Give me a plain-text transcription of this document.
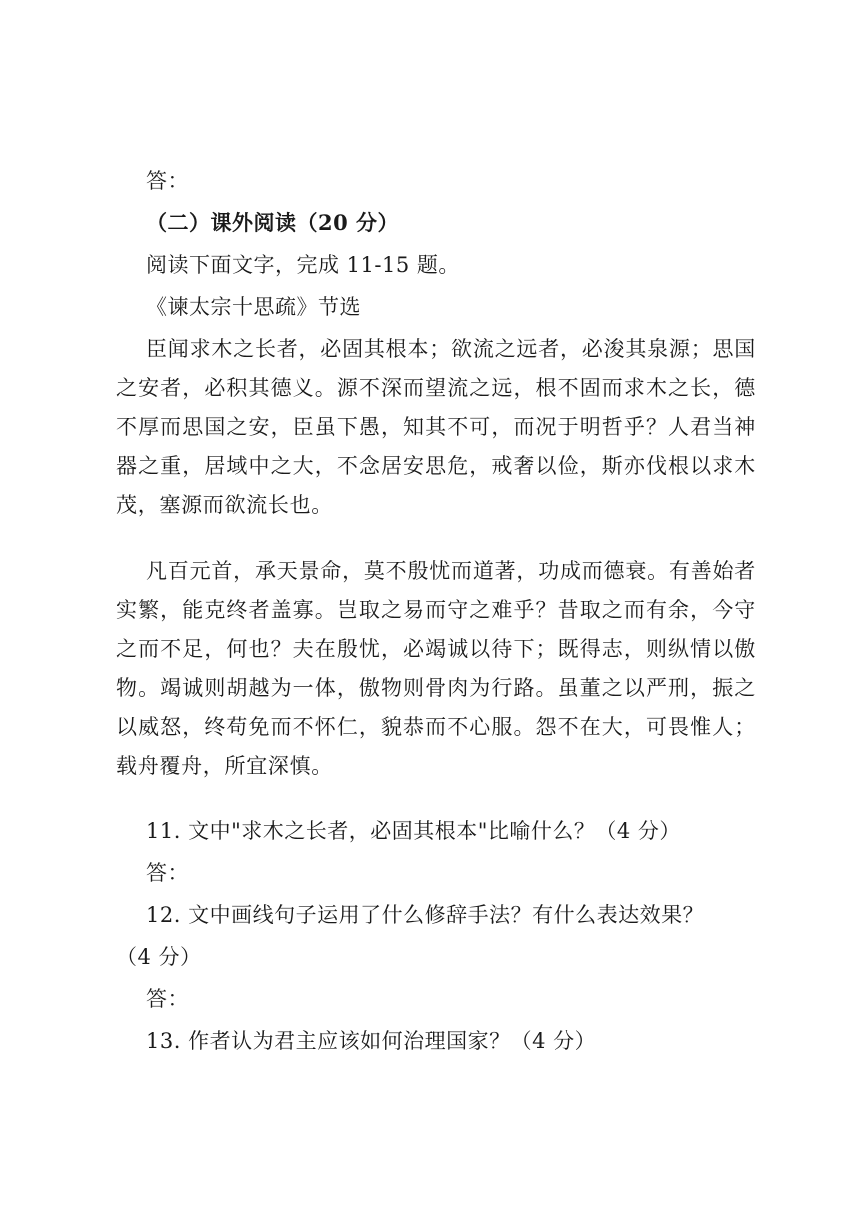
答：
（二）课外阅读（20 分）
阅读下面文字，完成 11-15 题。
《谏太宗十思疏》节选

臣闻求木之长者，必固其根本；欲流之远者，必浚其泉源；思国之安者，必积其德义。源不深而望流之远，根不固而求木之长，德不厚而思国之安，臣虽下愚，知其不可，而况于明哲乎？人君当神器之重，居域中之大，不念居安思危，戒奢以俭，斯亦伐根以求木茂，塞源而欲流长也。

凡百元首，承天景命，莫不殷忧而道著，功成而德衰。有善始者实繁，能克终者盖寡。岂取之易而守之难乎？昔取之而有余，今守之而不足，何也？夫在殷忧，必竭诚以待下；既得志，则纵情以傲物。竭诚则胡越为一体，傲物则骨肉为行路。虽董之以严刑，振之以威怒，终苟免而不怀仁，貌恭而不心服。怨不在大，可畏惟人；载舟覆舟，所宜深慎。

11. 文中"求木之长者，必固其根本"比喻什么？（4 分）
答：
12. 文中画线句子运用了什么修辞手法？有什么表达效果？
（4 分）
答：
13. 作者认为君主应该如何治理国家？（4 分）
